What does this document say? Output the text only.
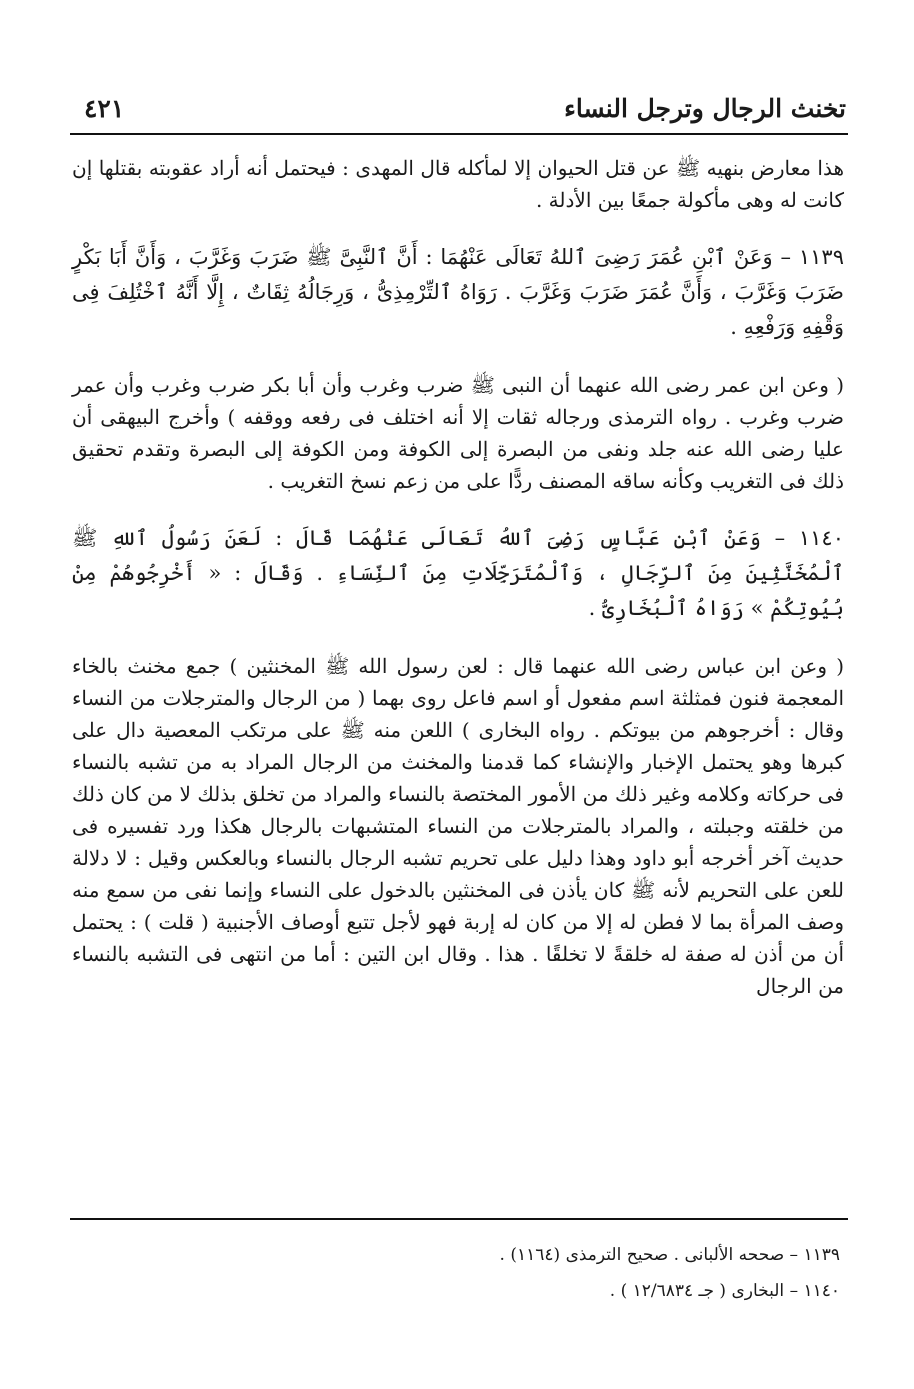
تخنث الرجال وترجل النساء
٤٢١

هذا معارض بنهيه ﷺ عن قتل الحيوان إلا لمأكله قال المهدى : فيحتمل أنه أراد عقوبته بقتلها إن كانت له وهى مأكولة جمعًا بين الأدلة .

١١٣٩ – وَعَنْ ٱبْنِ عُمَرَ رَضِىَ ٱللهُ تَعَالَى عَنْهُمَا : أَنَّ ٱلنَّبِىَّ ﷺ ضَرَبَ وَغَرَّبَ ، وَأَنَّ أَبَا بَكْرٍ ضَرَبَ وَغَرَّبَ ، وَأَنَّ عُمَرَ ضَرَبَ وَغَرَّبَ . رَوَاهُ ٱلتِّرْمِذِىُّ ، وَرِجَالُهُ ثِقَاتٌ ، إِلَّا أَنَّهُ ٱخْتُلِفَ فِى وَقْفِهِ وَرَفْعِهِ .

( وعن ابن عمر رضى الله عنهما أن النبى ﷺ ضرب وغرب وأن أبا بكر ضرب وغرب وأن عمر ضرب وغرب . رواه الترمذى ورجاله ثقات إلا أنه اختلف فى رفعه ووقفه ) وأخرج البيهقى أن عليا رضى الله عنه جلد ونفى من البصرة إلى الكوفة ومن الكوفة إلى البصرة وتقدم تحقيق ذلك فى التغريب وكأنه ساقه المصنف ردًّا على من زعم نسخ التغريب .

١١٤٠ – وَعَنْ ٱبْنِ عَبَّاسٍ رَضِىَ ٱللهُ تَعَالَى عَنْهُمَا قَالَ : لَعَنَ رَسُولُ ٱللهِ ﷺ ٱلْمُخَنَّثِينَ مِنَ ٱلرِّجَالِ ، وَٱلْمُتَرَجِّلَاتِ مِنَ ٱلنِّسَاءِ . وَقَالَ : « أَخْرِجُوهُمْ مِنْ بُيُوتِكُمْ » رَوَاهُ ٱلْبُخَارِىُّ .

( وعن ابن عباس رضى الله عنهما قال : لعن رسول الله ﷺ المخنثين ) جمع مخنث بالخاء المعجمة فنون فمثلثة اسم مفعول أو اسم فاعل روى بهما ( من الرجال والمترجلات من النساء وقال : أخرجوهم من بيوتكم . رواه البخارى ) اللعن منه ﷺ على مرتكب المعصية دال على كبرها وهو يحتمل الإخبار والإنشاء كما قدمنا والمخنث من الرجال المراد به من تشبه بالنساء فى حركاته وكلامه وغير ذلك من الأمور المختصة بالنساء والمراد من تخلق بذلك لا من كان ذلك من خلقته وجبلته ، والمراد بالمترجلات من النساء المتشبهات بالرجال هكذا ورد تفسيره فى حديث آخر أخرجه أبو داود وهذا دليل على تحريم تشبه الرجال بالنساء وبالعكس وقيل : لا دلالة للعن على التحريم لأنه ﷺ كان يأذن فى المخنثين بالدخول على النساء وإنما نفى من سمع منه وصف المرأة بما لا فطن له إلا من كان له إربة فهو لأجل تتبع أوصاف الأجنبية ( قلت ) : يحتمل أن من أذن له صفة له خلقةً لا تخلقًا . هذا . وقال ابن التين : أما من انتهى فى التشبه بالنساء من الرجال

١١٣٩ – صححه الألبانى . صحيح الترمذى (١١٦٤) .

١١٤٠ – البخارى ( جـ ١٢/٦٨٣٤ ) .
